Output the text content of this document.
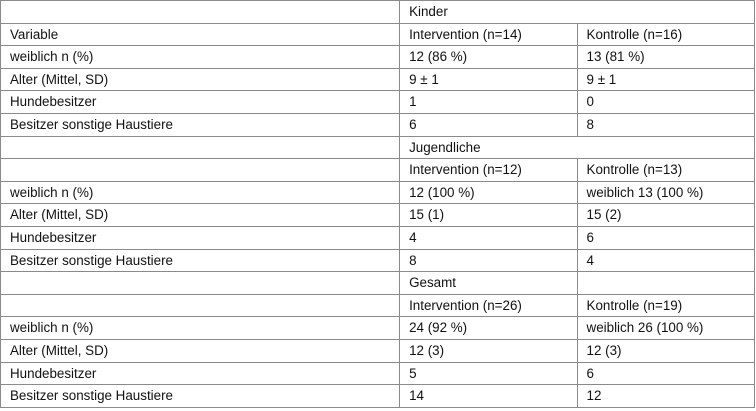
	Kinder	
Variable	Intervention (n=14)	Kontrolle (n=16)
weiblich n (%)	12 (86 %)	13 (81 %)
Alter (Mittel, SD)	9 ± 1	9 ± 1
Hundebesitzer	1	0
Besitzer sonstige Haustiere	6	8
	Jugendliche	
	Intervention (n=12)	Kontrolle (n=13)
weiblich n (%)	12 (100 %)	weiblich 13 (100 %)
Alter (Mittel, SD)	15 (1)	15 (2)
Hundebesitzer	4	6
Besitzer sonstige Haustiere	8	4
	Gesamt	
	Intervention (n=26)	Kontrolle (n=19)
weiblich n (%)	24 (92 %)	weiblich 26 (100 %)
Alter (Mittel, SD)	12 (3)	12 (3)
Hundebesitzer	5	6
Besitzer sonstige Haustiere	14	12
